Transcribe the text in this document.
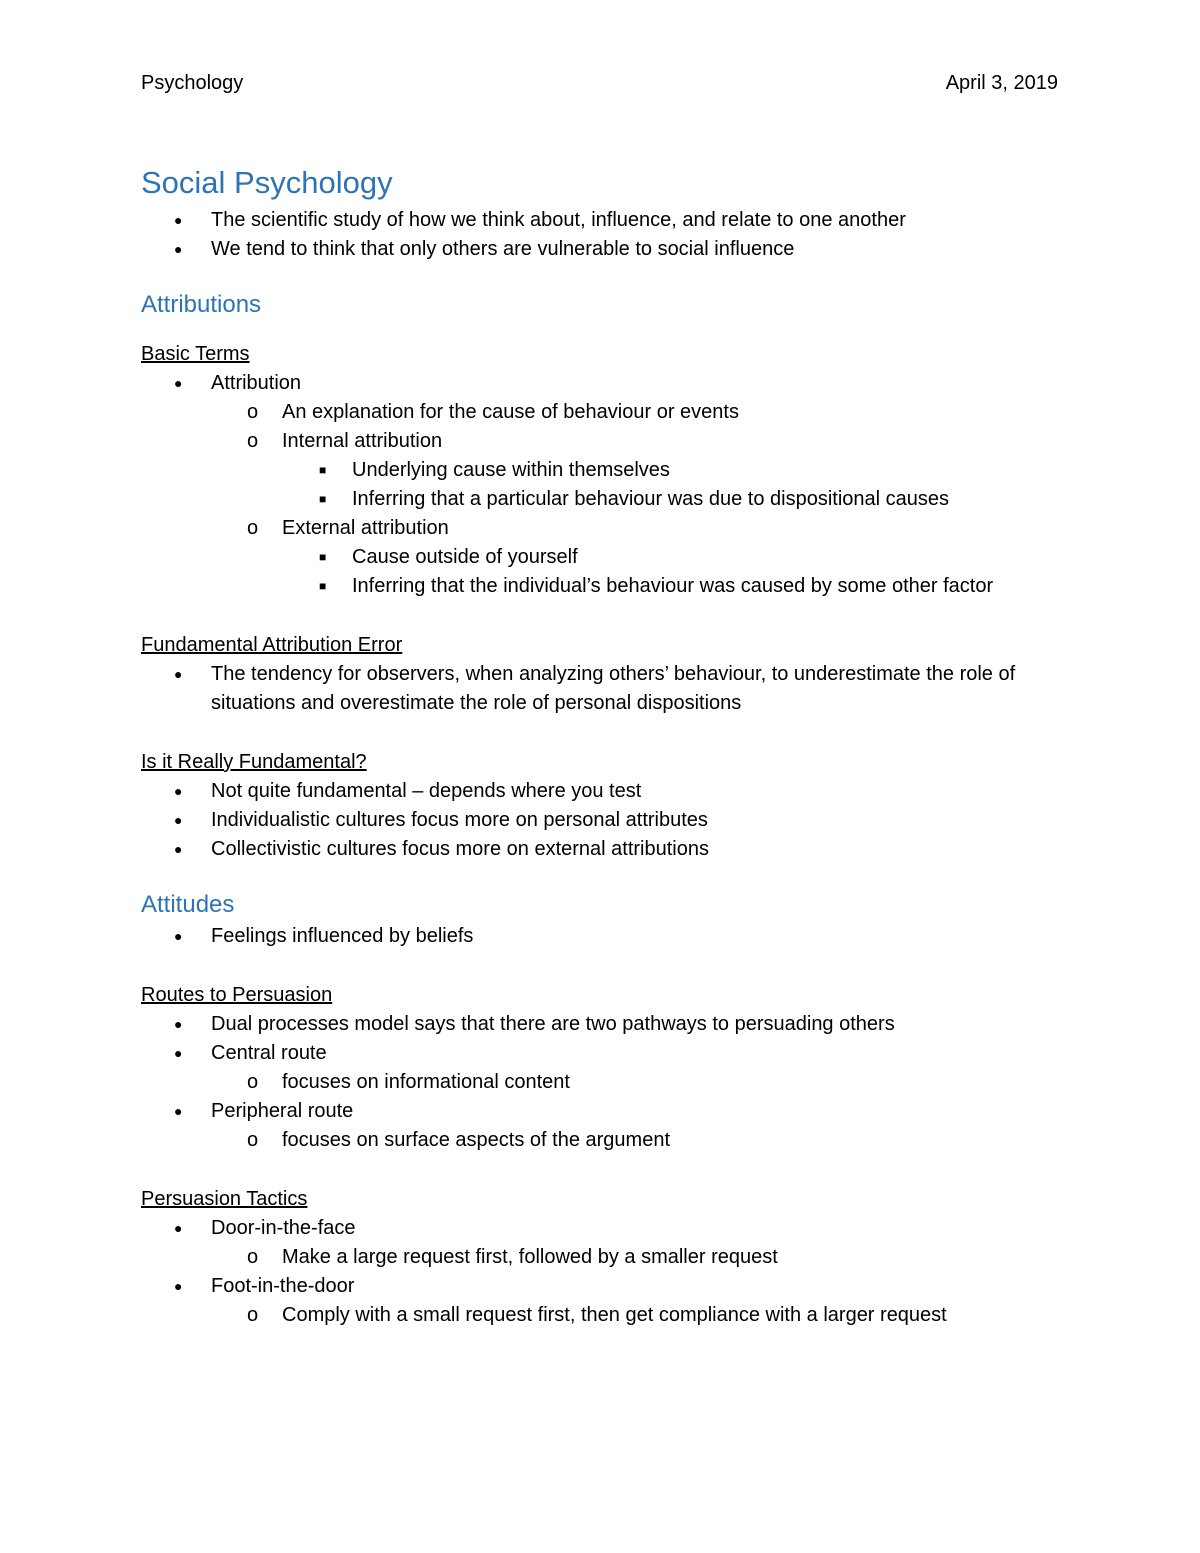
Psychology	April 3, 2019
Social Psychology
● The scientific study of how we think about, influence, and relate to one another
● We tend to think that only others are vulnerable to social influence
Attributions
Basic Terms
● Attribution
o An explanation for the cause of behaviour or events
o Internal attribution
■ Underlying cause within themselves
■ Inferring that a particular behaviour was due to dispositional causes
o External attribution
■ Cause outside of yourself
■ Inferring that the individual’s behaviour was caused by some other factor
Fundamental Attribution Error
● The tendency for observers, when analyzing others’ behaviour, to underestimate the role of situations and overestimate the role of personal dispositions
Is it Really Fundamental?
● Not quite fundamental – depends where you test
● Individualistic cultures focus more on personal attributes
● Collectivistic cultures focus more on external attributions
Attitudes
● Feelings influenced by beliefs
Routes to Persuasion
● Dual processes model says that there are two pathways to persuading others
● Central route
o focuses on informational content
● Peripheral route
o focuses on surface aspects of the argument
Persuasion Tactics
● Door-in-the-face
o Make a large request first, followed by a smaller request
● Foot-in-the-door
o Comply with a small request first, then get compliance with a larger request
